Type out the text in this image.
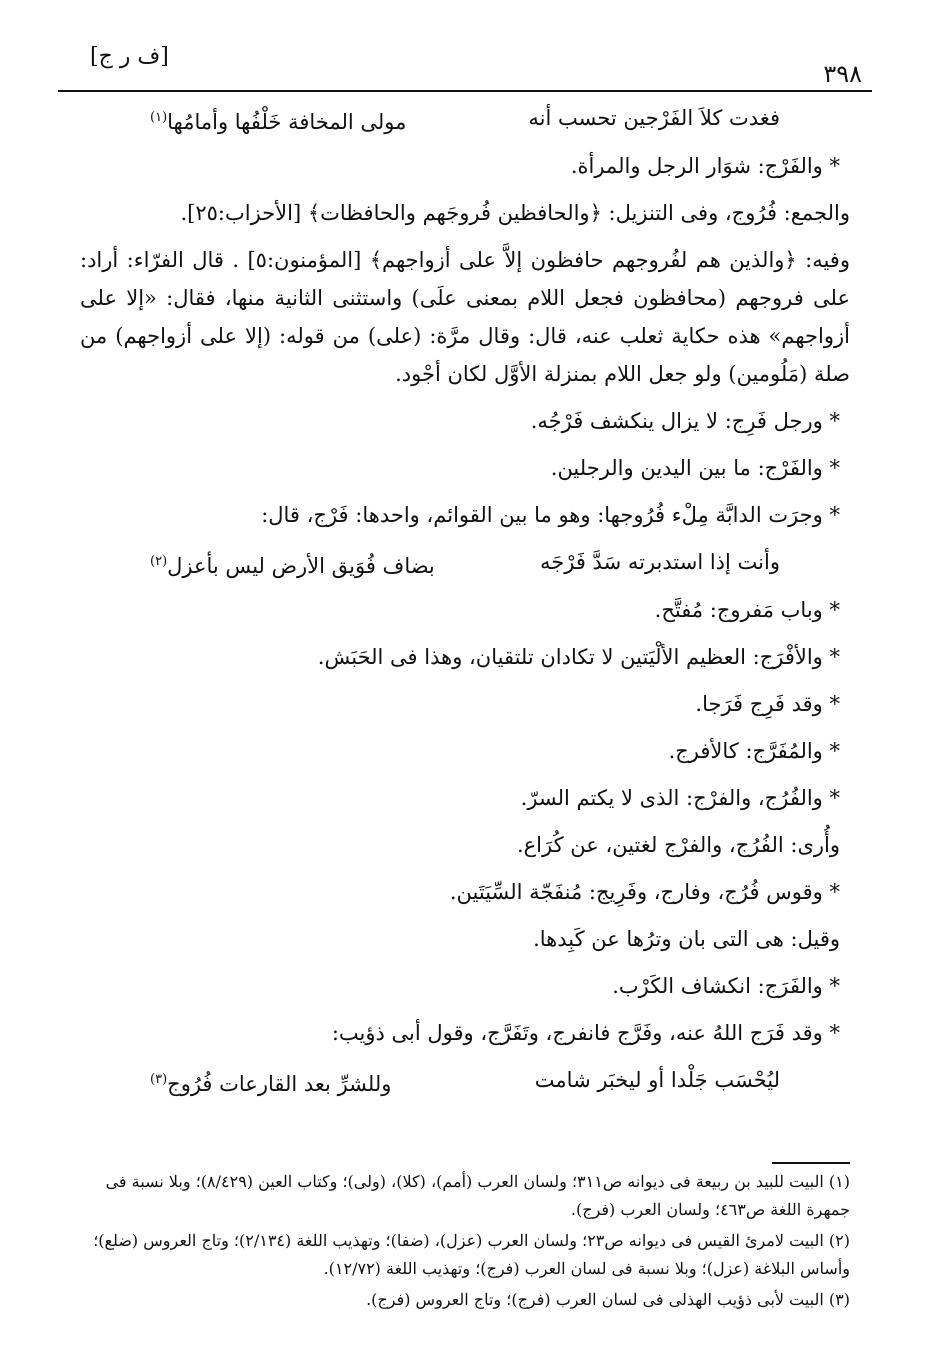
٣٩٨
[ف ر ج]
فغدت كلاَ الفَرْجين تحسب أنه
مولى المخافة خَلْفُها وأمامُها$^{(١)}$

* والفَرْج: شوَار الرجل والمرأة.

والجمع: فُرُوج، وفى التنزيل: ﴿والحافظين فُروجَهم والحافظات﴾ [الأحزاب:٢٥].

وفيه: ﴿والذين هم لفُروجهم حافظون إلاَّ على أزواجهم﴾ [المؤمنون:٥] . قال الفرّاء: أراد: على فروجهم (محافظون فجعل اللام بمعنى علَى) واستثنى الثانية منها، فقال: «إلا على أزواجهم» هذه حكاية ثعلب عنه، قال: وقال مرَّة: (على) من قوله: (إلا على أزواجهم) من صلة (مَلُومين) ولو جعل اللام بمنزلة الأوَّل لكان أجْود.

* ورجل فَرِج: لا يزال ينكشف فَرْجُه.

* والفَرْج: ما بين اليدين والرجلين.

* وجرَت الدابَّة مِلْء فُرُوجها: وهو ما بين القوائم، واحدها: فَرْج، قال:

وأنت إذا استدبرته سَدَّ فَرْجَه
بضاف فُوَيق الأرض ليس بأعزل$^{(٢)}$

* وباب مَفروج: مُفتَّح.

* والأفْرَج: العظيم الألْيَتين لا تكادان تلتقيان، وهذا فى الحَبَش.

* وقد فَرِج فَرَجا.

* والمُفَرَّج: كالأفرج.

* والفُرُج، والفرْج: الذى لا يكتم السرّ.

وأُرى: الفُرُج، والفرْج لغتين، عن كُرَاع.

* وقوس فُرُج، وفارج، وفَرِيج: مُنفَجّة السِّيَتَين.

وقيل: هى التى بان وترُها عن كَبِدها.

* والفَرَج: انكشاف الكَرْب.

* وقد فَرَج اللهُ عنه، وفَرَّج فانفرج، وتَفَرَّج، وقول أبى ذؤيب:

ليُحْسَب جَلْدا أو ليخبَر شامت
وللشرِّ بعد القارعات فُرُوج$^{(٣)}$

(١) البيت للبيد بن ربيعة فى ديوانه ص٣١١؛ ولسان العرب (أمم)، (كلا)، (ولى)؛ وكتاب العين (٨/٤٢٩)؛ وبلا نسبة فى جمهرة اللغة ص٤٦٣؛ ولسان العرب (فرج).

(٢) البيت لامرئ القيس فى ديوانه ص٢٣؛ ولسان العرب (عزل)، (ضفا)؛ وتهذيب اللغة (٢/١٣٤)؛ وتاج العروس (ضلع)؛ وأساس البلاغة (عزل)؛ وبلا نسبة فى لسان العرب (فرج)؛ وتهذيب اللغة (١٢/٧٢).

(٣) البيت لأبى ذؤيب الهذلى فى لسان العرب (فرج)؛ وتاج العروس (فرج).
